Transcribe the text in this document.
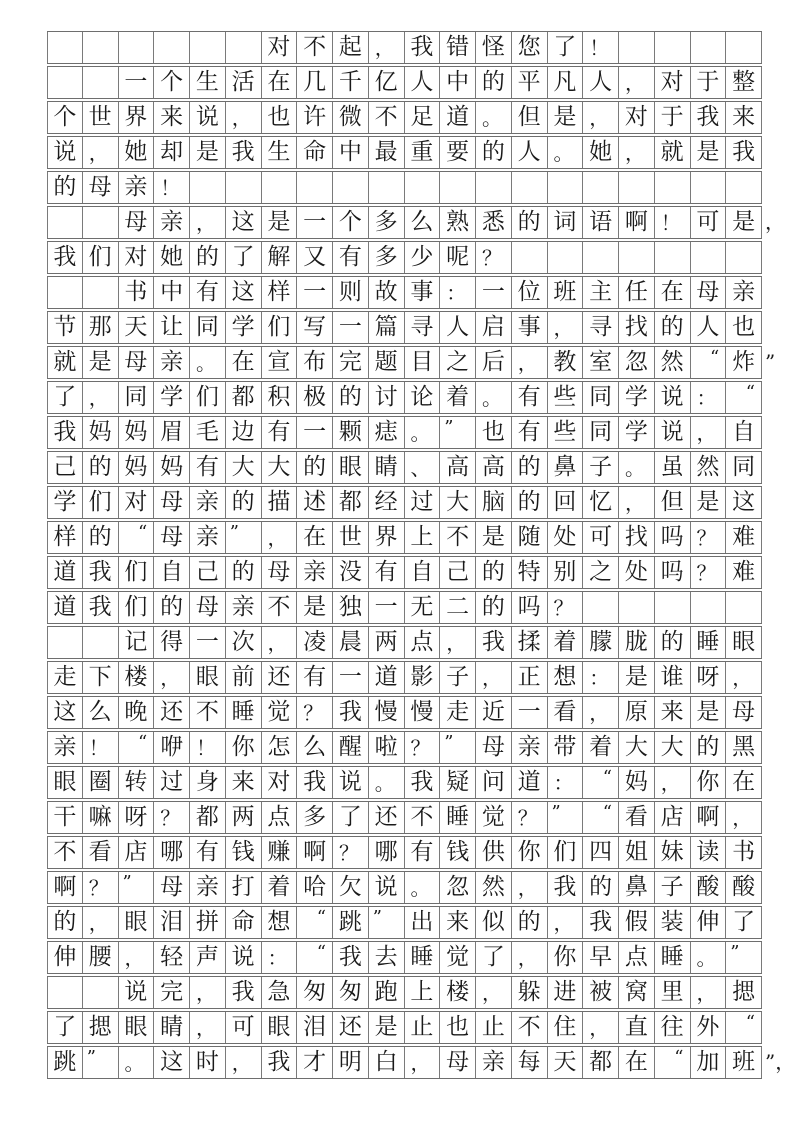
对 不 起 ， 我 错 怪 您 了 ！
一 个 生 活 在 几 千 亿 人 中 的 平 凡 人 ， 对 于 整
个 世 界 来 说 ， 也 许 微 不 足 道 。 但 是 ， 对 于 我 来
说 ， 她 却 是 我 生 命 中 最 重 要 的 人 。 她 ， 就 是 我
的 母 亲 ！
母 亲 ， 这 是 一 个 多 么 熟 悉 的 词 语 啊 ！ 可 是 ，
我 们 对 她 的 了 解 又 有 多 少 呢 ？
书 中 有 这 样 一 则 故 事 ： 一 位 班 主 任 在 母 亲
节 那 天 让 同 学 们 写 一 篇 寻 人 启 事 ， 寻 找 的 人 也
就 是 母 亲 。 在 宣 布 完 题 目 之 后 ， 教 室 忽 然	“ 炸 ”
了 ， 同 学 们 都 积 极 的 讨 论 着 。 有 些 同 学 说 ：	“
我 妈 妈 眉 毛 边 有 一 颗 痣 。 ”	也 有 些 同 学 说 ， 自
己 的 妈 妈 有 大 大 的 眼 睛 、 高 高 的 鼻 子 。 虽 然 同
学 们 对 母 亲 的 描 述 都 经 过 大 脑 的 回 忆 ， 但 是 这
样 的	“ 母 亲 ”	， 在 世 界 上 不 是 随 处 可 找 吗 ？ 难
道 我 们 自 己 的 母 亲 没 有 自 己 的 特 别 之 处 吗 ？ 难
道 我 们 的 母 亲 不 是 独 一 无 二 的 吗 ？
记 得 一 次 ， 凌 晨 两 点 ， 我 揉 着 朦 胧 的 睡 眼
走 下 楼 ， 眼 前 还 有 一 道 影 子 ， 正 想 ： 是 谁 呀 ，
这 么 晚 还 不 睡 觉 ？ 我 慢 慢 走 近 一 看 ， 原 来 是 母
亲 ！	“ 咿 ！ 你 怎 么 醒 啦 ？ ”	母 亲 带 着 大 大 的 黑
眼 圈 转 过 身 来 对 我 说 。 我 疑 问 道 ：	“ 妈 ， 你 在
干 嘛 呀 ？ 都 两 点 多 了 还 不 睡 觉 ？ ”	“ 看 店 啊 ，
不 看 店 哪 有 钱 赚 啊 ？ 哪 有 钱 供 你 们 四 姐 妹 读 书
啊 ？ ”	母 亲 打 着 哈 欠 说 。 忽 然 ， 我 的 鼻 子 酸 酸
的 ， 眼 泪 拼 命 想	“ 跳 ”	出 来 似 的 ， 我 假 装 伸 了
伸 腰 ， 轻 声 说 ：	“ 我 去 睡 觉 了 ， 你 早 点 睡 。 ”
说 完 ， 我 急 匆 匆 跑 上 楼 ， 躲 进 被 窝 里 ， 揌
了 揌 眼 睛 ， 可 眼 泪 还 是 止 也 止 不 住 ， 直 往 外	“
跳 ”	。 这 时 ， 我 才 明 白 ， 母 亲 每 天 都 在	“ 加 班 ”，
